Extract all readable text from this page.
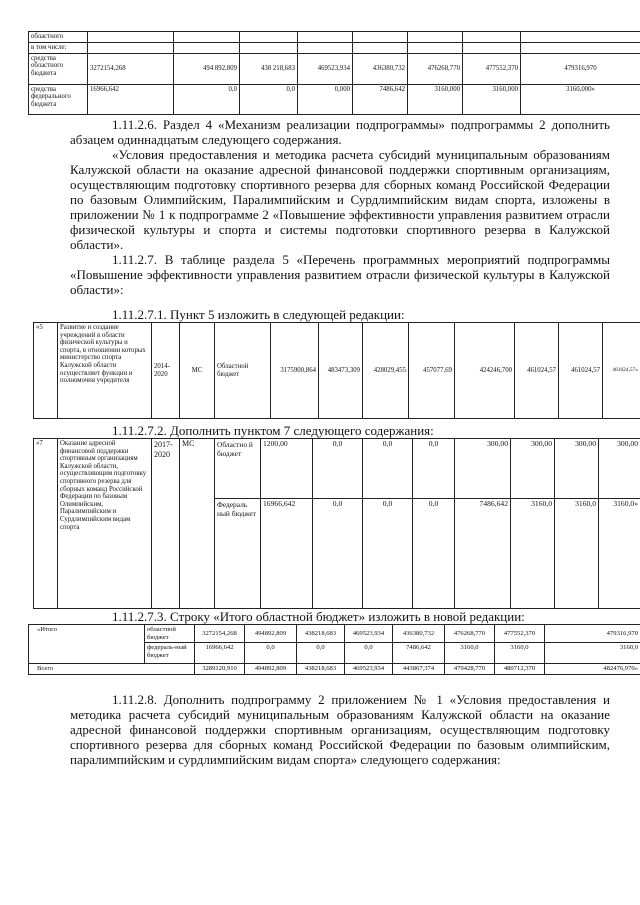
областного								
в том числе:								
средства областного бюджета	3272154,268	494 892,809	438 218,683	469523,934	436380,732	476268,770	477552,370	479316,970
средства федерального бюджета	16966,642	0,0	0,0	0,000	7486,642	3160,000	3160,000	3160,000»

1.11.2.6. Раздел 4 «Механизм реализации подпрограммы» подпрограммы 2 дополнить абзацем одиннадцатым следующего содержания.

«Условия предоставления и методика расчета субсидий муниципальным образованиям Калужской области на оказание адресной финансовой поддержки спортивным организациям, осуществляющим подготовку спортивного резерва для сборных команд Российской Федерации по базовым Олимпийским, Паралимпийским и Сурдлимпийским видам спорта, изложены в приложении № 1 к подпрограмме 2 «Повышение эффективности управления развитием отрасли физической культуры и спорта и системы подготовки спортивного резерва в Калужской области».

1.11.2.7. В таблице раздела 5 «Перечень программных мероприятий подпрограммы «Повышение эффективности управления развитием отрасли физической культуры в Калужской области»:

1.11.2.7.1. Пункт 5 изложить в следующей редакции:
«5	Развитие и создание учреждений в области физической культуры и спорта, в отношении которых министерство спорта Калужской области осуществляет функции и полномочия учредителя	2014-2020	МС	Областной бюджет	3175900,864	483473,309	428029,455	457077,69	424246,700	461024,57	461024,57	461024,57»
1.11.2.7.2. Дополнить пунктом 7 следующего содержания:
«7	Оказание адресной финансовой поддержки спортивным организациям Калужской области, осуществляющим подготовку спортивного резерва для сборных команд Российской Федерации по базовым Олимпийским, Паралимпийским и Сурдлимпийским видам спорта	2017-2020	МС	Областно й бюджет	1200,00	0,0	0,0	0,0	300,00	300,00	300,00	300,00
				Федераль ный бюджет	16966,642	0,0	0,0	0,0	7486,642	3160,0	3160,0	3160,0»
1.11.2.7.3. Строку «Итого областной бюджет» изложить в новой редакции:
«Итого	областной бюджет	3272154,268	494892,809	438218,683	469523,934	436380,732	476268,770	477552,370	479316,970
	федераль-ный бюджет	16966,642	0,0	0,0	0,0	7486,642	3160,0	3160,0	3160,0
Всего		3289120,910	494892,809	438218,683	469523,934	443867,374	479428,770	480712,370	482476,970»

1.11.2.8. Дополнить подпрограмму 2 приложением № 1 «Условия предоставления и методика расчета субсидий муниципальным образованиям Калужской области на оказание адресной финансовой поддержки спортивным организациям, осуществляющим подготовку спортивного резерва для сборных команд Российской Федерации по базовым олимпийским, паралимпийским и сурдлимпийским видам спорта» следующего содержания:
